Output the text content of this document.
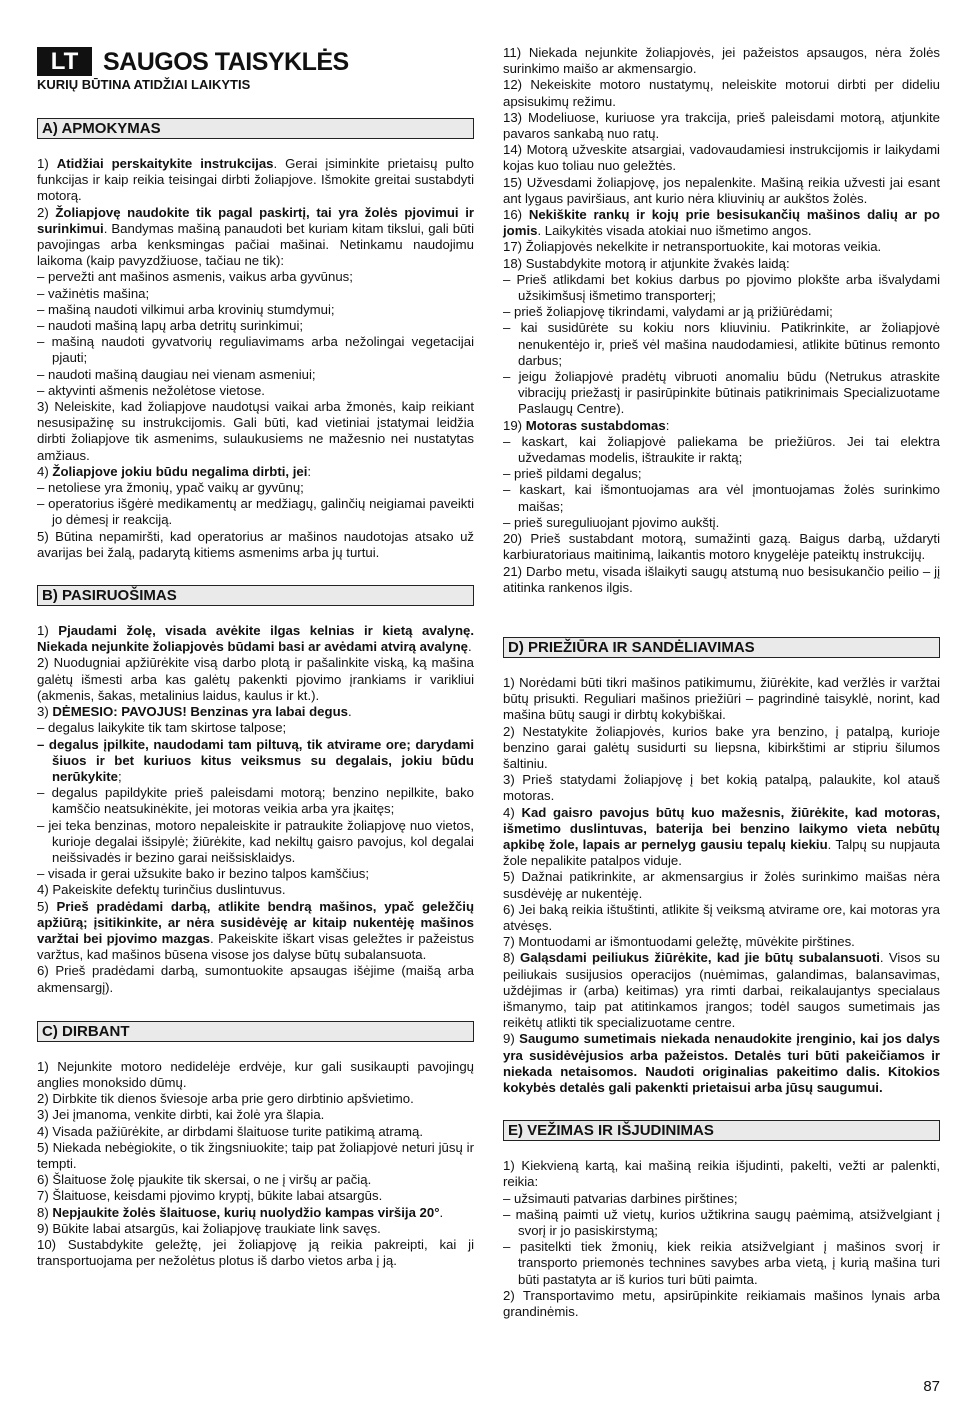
LT SAUGOS TAISYKLĖS
KURIŲ BŪTINA ATIDŽIAI LAIKYTIS
A) APMOKYMAS

1) Atidžiai perskaitykite instrukcijas. Gerai įsiminkite prietaisų pulto funkcijas ir kaip reikia teisingai dirbti žoliapjove. Išmokite greitai sustabdyti motorą.

2) Žoliapjovę naudokite tik pagal paskirtį, tai yra žolės pjovimui ir surinkimui. Bandymas mašiną panaudoti bet kuriam kitam tikslui, gali būti pavojingas arba kenksmingas pačiai mašinai. Netinkamu naudojimu laikoma (kaip pavyzdžiuose, tačiau ne tik):

– pervežti ant mašinos asmenis, vaikus arba gyvūnus;

– važinėtis mašina;

– mašiną naudoti vilkimui arba krovinių stumdymui;

– naudoti mašiną lapų arba detritų surinkimui;

– mašiną naudoti gyvatvorių reguliavimams arba nežolingai vegetacijai pjauti;

– naudoti mašiną daugiau nei vienam asmeniui;

– aktyvinti ašmenis nežolėtose vietose.

3) Neleiskite, kad žoliapjove naudotųsi vaikai arba žmonės, kaip reikiant nesusipažinę su instrukcijomis. Gali būti, kad vietiniai įstatymai leidžia dirbti žoliapjove tik asmenims, sulaukusiems ne mažesnio nei nustatytas amžiaus.

4) Žoliapjove jokiu būdu negalima dirbti, jei:

– netoliese yra žmonių, ypač vaikų ar gyvūnų;

– operatorius išgėrė medikamentų ar medžiagų, galinčių neigiamai paveikti jo dėmesį ir reakciją.

5) Būtina nepamiršti, kad operatorius ar mašinos naudotojas atsako už avarijas bei žalą, padarytą kitiems asmenims arba jų turtui.

B) PASIRUOŠIMAS

1) Pjaudami žolę, visada avėkite ilgas kelnias ir kietą avalynę. Niekada nejunkite žoliapjovės būdami basi ar avėdami atvirą avalynę.

2) Nuodugniai apžiūrėkite visą darbo plotą ir pašalinkite viską, ką mašina galėtų išmesti arba kas galėtų pakenkti pjovimo įrankiams ir varikliui (akmenis, šakas, metalinius laidus, kaulus ir kt.).

3) DĖMESIO: PAVOJUS! Benzinas yra labai degus.

– degalus laikykite tik tam skirtose talpose;

– degalus įpilkite, naudodami tam piltuvą, tik atvirame ore; darydami šiuos ir bet kuriuos kitus veiksmus su degalais, jokiu būdu nerūkykite;

– degalus papildykite prieš paleisdami motorą; benzino nepilkite, bako kamščio neatsukinėkite, jei motoras veikia arba yra įkaitęs;

– jei teka benzinas, motoro nepaleiskite ir patraukite žoliapjovę nuo vietos, kurioje degalai išsipylė; žiūrėkite, kad nekiltų gaisro pavojus, kol degalai neišsivadės ir bezino garai neišsisklaidys.

– visada ir gerai užsukite bako ir bezino talpos kamščius;

4) Pakeiskite defektų turinčius duslintuvus.

5) Prieš pradėdami darbą, atlikite bendrą mašinos, ypač geležčių apžiūrą; įsitikinkite, ar nėra susidėvėję ar kitaip nukentėję mašinos varžtai bei pjovimo mazgas. Pakeiskite iškart visas geležtes ir pažeistus varžtus, kad mašinos būsena visose jos dalyse būtų subalansuota.

6) Prieš pradėdami darbą, sumontuokite apsaugas išėjime (maišą arba akmensargį).

C) DIRBANT

1) Nejunkite motoro nedidelėje erdvėje, kur gali susikaupti pavojingų anglies monoksido dūmų.

2) Dirbkite tik dienos šviesoje arba prie gero dirbtinio apšvietimo.

3) Jei įmanoma, venkite dirbti, kai žolė yra šlapia.

4) Visada pažiūrėkite, ar dirbdami šlaituose turite patikimą atramą.

5) Niekada nebėgiokite, o tik žingsniuokite; taip pat žoliapjovė neturi jūsų ir tempti.

6) Šlaituose žolę pjaukite tik skersai, o ne į viršų ar pačią.

7) Šlaituose, keisdami pjovimo kryptį, būkite labai atsargūs.

8) Nepjaukite žolės šlaituose, kurių nuolydžio kampas viršija 20°.

9) Būkite labai atsargūs, kai žoliapjovę traukiate link savęs.

10) Sustabdykite geležtę, jei žoliapjovę ją reikia pakreipti, kai ji transportuojama per nežolėtus plotus iš darbo vietos arba į ją.

11) Niekada nejunkite žoliapjovės, jei pažeistos apsaugos, nėra žolės surinkimo maišo ar akmensargio.

12) Nekeiskite motoro nustatymų, neleiskite motorui dirbti per dideliu apsisukimų režimu.

13) Modeliuose, kuriuose yra trakcija, prieš paleisdami motorą, atjunkite pavaros sankabą nuo ratų.

14) Motorą užveskite atsargiai, vadovaudamiesi instrukcijomis ir laikydami kojas kuo toliau nuo geležtės.

15) Užvesdami žoliapjovę, jos nepalenkite. Mašiną reikia užvesti jai esant ant lygaus paviršiaus, ant kurio nėra kliuvinių ar aukštos žolės.

16) Nekiškite rankų ir kojų prie besisukančių mašinos dalių ar po jomis. Laikykitės visada atokiai nuo išmetimo angos.

17) Žoliapjovės nekelkite ir netransportuokite, kai motoras veikia.

18) Sustabdykite motorą ir atjunkite žvakės laidą:

– Prieš atlikdami bet kokius darbus po pjovimo plokšte arba išvalydami užsikimšusį išmetimo transporterį;

– prieš žoliapjovę tikrindami, valydami ar ją prižiūrėdami;

– kai susidūrėte su kokiu nors kliuviniu. Patikrinkite, ar žoliapjovė nenukentėjo ir, prieš vėl mašina naudodamiesi, atlikite būtinus remonto darbus;

– jeigu žoliapjovė pradėtų vibruoti anomaliu būdu (Netrukus atraskite vibracijų priežastį ir pasirūpinkite būtinais patikrinimais Specializuotame Paslaugų Centre).

19) Motoras sustabdomas:

– kaskart, kai žoliapjovė paliekama be priežiūros. Jei tai elektra užvedamas modelis, ištraukite ir raktą;

– prieš pildami degalus;

– kaskart, kai išmontuojamas ara vėl įmontuojamas žolės surinkimo maišas;

– prieš sureguliuojant pjovimo aukštį.

20) Prieš sustabdant motorą, sumažinti gazą. Baigus darbą, uždaryti karbiuratoriaus maitinimą, laikantis motoro knygelėje pateiktų instrukcijų.

21) Darbo metu, visada išlaikyti saugų atstumą nuo besisukančio peilio – jį atitinka rankenos ilgis.

D) PRIEŽIŪRA IR SANDĖLIAVIMAS

1) Norėdami būti tikri mašinos patikimumu, žiūrėkite, kad veržlės ir varžtai būtų prisukti. Reguliari mašinos priežiūri – pagrindinė taisyklė, norint, kad mašina būtų saugi ir dirbtų kokybiškai.

2) Nestatykite žoliapjovės, kurios bake yra benzino, į patalpą, kurioje benzino garai galėtų susidurti su liepsna, kibirkštimi ar stipriu šilumos šaltiniu.

3) Prieš statydami žoliapjovę į bet kokią patalpą, palaukite, kol atauš motoras.

4) Kad gaisro pavojus būtų kuo mažesnis, žiūrėkite, kad motoras, išmetimo duslintuvas, baterija bei benzino laikymo vieta nebūtų apkibę žole, lapais ar pernelyg gausiu tepalų kiekiu. Talpų su nupjauta žole nepalikite patalpos viduje.

5) Dažnai patikrinkite, ar akmensargius ir žolės surinkimo maišas nėra susdėvėję ar nukentėję.

6) Jei baką reikia ištuštinti, atlikite šį veiksmą atvirame ore, kai motoras yra atvėsęs.

7) Montuodami ar išmontuodami geležtę, mūvėkite pirštines.

8) Galąsdami peiliukus žiūrėkite, kad jie būtų subalansuoti. Visos su peiliukais susijusios operacijos (nuėmimas, galandimas, balansavimas, uždėjimas ir (arba) keitimas) yra rimti darbai, reikalaujantys specialaus išmanymo, taip pat atitinkamos įrangos; todėl saugos sumetimais jas reikėtų atlikti tik specializuotame centre.

9) Saugumo sumetimais niekada nenaudokite įrenginio, kai jos dalys yra susidėvėjusios arba pažeistos. Detalės turi būti pakeičiamos ir niekada netaisomos. Naudoti originalias pakeitimo dalis. Kitokios kokybės detalės gali pakenkti prietaisui arba jūsų saugumui.

E) VEŽIMAS IR IŠJUDINIMAS

1) Kiekvieną kartą, kai mašiną reikia išjudinti, pakelti, vežti ar palenkti, reikia:

– užsimauti patvarias darbines pirštines;

– mašiną paimti už vietų, kurios užtikrina saugų paėmimą, atsižvelgiant į svorį ir jo pasiskirstymą;

– pasitelkti tiek žmonių, kiek reikia atsižvelgiant į mašinos svorį ir transporto priemonės technines savybes arba vietą, į kurią mašina turi būti pastatyta ar iš kurios turi būti paimta.

2) Transportavimo metu, apsirūpinkite reikiamais mašinos lynais arba grandinėmis.

87
